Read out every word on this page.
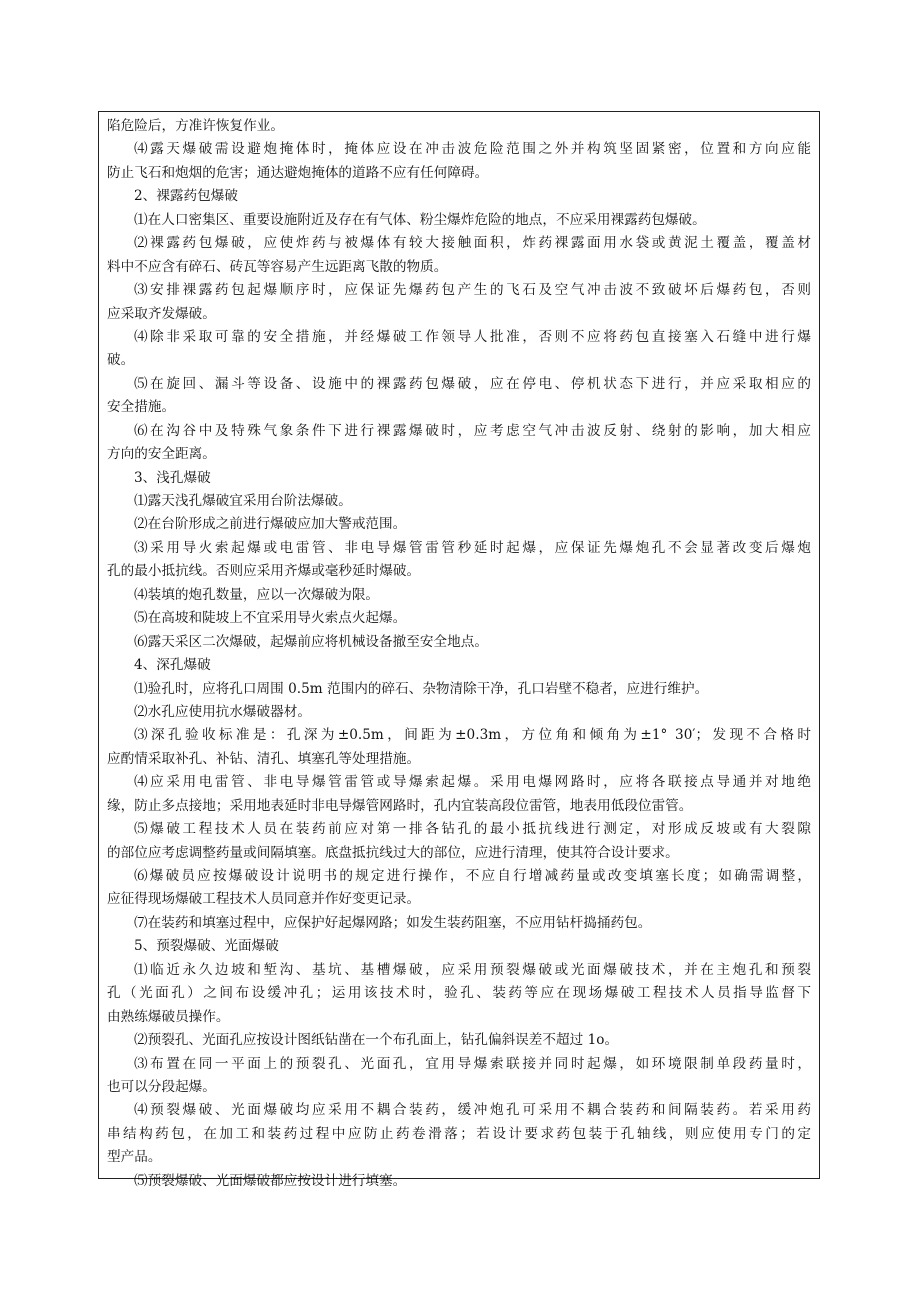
陷危险后，方准许恢复作业。
⑷露天爆破需设避炮掩体时，掩体应设在冲击波危险范围之外并构筑坚固紧密，位置和方向应能
防止飞石和炮烟的危害；通达避炮掩体的道路不应有任何障碍。
2、裸露药包爆破
⑴在人口密集区、重要设施附近及存在有气体、粉尘爆炸危险的地点，不应采用裸露药包爆破。
⑵裸露药包爆破，应使炸药与被爆体有较大接触面积，炸药裸露面用水袋或黄泥土覆盖，覆盖材
料中不应含有碎石、砖瓦等容易产生远距离飞散的物质。
⑶安排裸露药包起爆顺序时，应保证先爆药包产生的飞石及空气冲击波不致破坏后爆药包，否则
应采取齐发爆破。
⑷除非采取可靠的安全措施，并经爆破工作领导人批准，否则不应将药包直接塞入石缝中进行爆
破。
⑸在旋回、漏斗等设备、设施中的裸露药包爆破，应在停电、停机状态下进行，并应采取相应的
安全措施。
⑹在沟谷中及特殊气象条件下进行裸露爆破时，应考虑空气冲击波反射、绕射的影响，加大相应
方向的安全距离。
3、浅孔爆破
⑴露天浅孔爆破宜采用台阶法爆破。
⑵在台阶形成之前进行爆破应加大警戒范围。
⑶采用导火索起爆或电雷管、非电导爆管雷管秒延时起爆，应保证先爆炮孔不会显著改变后爆炮
孔的最小抵抗线。否则应采用齐爆或毫秒延时爆破。
⑷装填的炮孔数量，应以一次爆破为限。
⑸在高坡和陡坡上不宜采用导火索点火起爆。
⑹露天采区二次爆破，起爆前应将机械设备撤至安全地点。
4、深孔爆破
⑴验孔时，应将孔口周围 0.5m 范围内的碎石、杂物清除干净，孔口岩壁不稳者，应进行维护。
⑵水孔应使用抗水爆破器材。
⑶深孔验收标准是：孔深为±0.5m，间距为±0.3m，方位角和倾角为±1° 30′；发现不合格时
应酌情采取补孔、补钻、清孔、填塞孔等处理措施。
⑷应采用电雷管、非电导爆管雷管或导爆索起爆。采用电爆网路时，应将各联接点导通并对地绝
缘，防止多点接地；采用地表延时非电导爆管网路时，孔内宜装高段位雷管，地表用低段位雷管。
⑸爆破工程技术人员在装药前应对第一排各钻孔的最小抵抗线进行测定，对形成反坡或有大裂隙
的部位应考虑调整药量或间隔填塞。底盘抵抗线过大的部位，应进行清理，使其符合设计要求。
⑹爆破员应按爆破设计说明书的规定进行操作，不应自行增减药量或改变填塞长度；如确需调整，
应征得现场爆破工程技术人员同意并作好变更记录。
⑺在装药和填塞过程中，应保护好起爆网路；如发生装药阻塞，不应用钻杆捣捅药包。
5、预裂爆破、光面爆破
⑴临近永久边坡和堑沟、基坑、基槽爆破，应采用预裂爆破或光面爆破技术，并在主炮孔和预裂
孔（光面孔）之间布设缓冲孔；运用该技术时，验孔、装药等应在现场爆破工程技术人员指导监督下
由熟练爆破员操作。
⑵预裂孔、光面孔应按设计图纸钻凿在一个布孔面上，钻孔偏斜误差不超过 1o。
⑶布置在同一平面上的预裂孔、光面孔，宜用导爆索联接并同时起爆，如环境限制单段药量时，
也可以分段起爆。
⑷预裂爆破、光面爆破均应采用不耦合装药，缓冲炮孔可采用不耦合装药和间隔装药。若采用药
串结构药包，在加工和装药过程中应防止药卷滑落；若设计要求药包装于孔轴线，则应使用专门的定
型产品。
⑸预裂爆破、光面爆破都应按设计进行填塞。
